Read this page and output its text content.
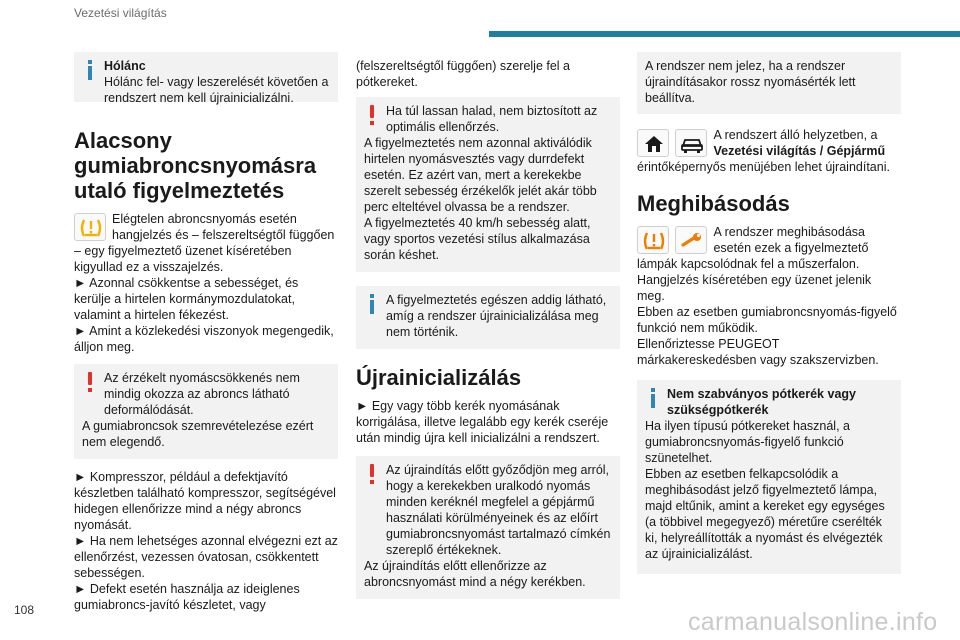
Vezetési világítás
Hólánc
Hólánc fel- vagy leszerelését követően a rendszert nem kell újrainicializálni.
Alacsony gumiabroncsnyomásra utaló figyelmeztetés
Elégtelen abroncsnyomás esetén hangjelzés és – felszereltségtől függően – egy figyelmeztető üzenet kíséretében kigyullad ez a visszajelzés.
► Azonnal csökkentse a sebességet, és kerülje a hirtelen kormánymozdulatokat, valamint a hirtelen fékezést.
► Amint a közlekedési viszonyok megengedik, álljon meg.
Az érzékelt nyomáscsökkenés nem mindig okozza az abroncs látható deformálódását.
A gumiabroncsok szemrevételezése ezért nem elegendő.
► Kompresszor, például a defektjavító készletben található kompresszor, segítségével hidegen ellenőrizze mind a négy abroncs nyomását.
► Ha nem lehetséges azonnal elvégezni ezt az ellenőrzést, vezessen óvatosan, csökkentett sebességen.
► Defekt esetén használja az ideiglenes gumiabroncs-javító készletet, vagy
(felszereltségtől függően) szerelje fel a pótkereket.
Ha túl lassan halad, nem biztosított az optimális ellenőrzés.
A figyelmeztetés nem azonnal aktiválódik hirtelen nyomásvesztés vagy durrdefekt esetén. Ez azért van, mert a kerekekbe szerelt sebesség érzékelők jelét akár több perc elteltével olvassa be a rendszer.
A figyelmeztetés 40 km/h sebesség alatt, vagy sportos vezetési stílus alkalmazása során késhet.
A figyelmeztetés egészen addig látható, amíg a rendszer újrainicializálása meg nem történik.
Újrainicializálás
► Egy vagy több kerék nyomásának korrigálása, illetve legalább egy kerék cseréje után mindig újra kell inicializálni a rendszert.
Az újraindítás előtt győződjön meg arról, hogy a kerekekben uralkodó nyomás minden keréknél megfelel a gépjármű használati körülményeinek és az előírt gumiabroncsnyomást tartalmazó címkén szereplő értékeknek.
Az újraindítás előtt ellenőrizze az abroncsnyomást mind a négy kerékben.
A rendszer nem jelez, ha a rendszer újraindításakor rossz nyomásérték lett beállítva.

A rendszert álló helyzetben, a Vezetési világítás / Gépjármű érintőképernyős menüjében lehet újraindítani.
Meghibásodás

A rendszer meghibásodása esetén ezek a figyelmeztető lámpák kapcsolódnak fel a műszerfalon.
Hangjelzés kíséretében egy üzenet jelenik meg.
Ebben az esetben gumiabroncsnyomás-figyelő funkció nem működik.
Ellenőriztesse PEUGEOT márkakereskedésben vagy szakszervizben.
Nem szabványos pótkerék vagy szükségpótkerék
Ha ilyen típusú pótkereket használ, a gumiabroncsnyomás-figyelő funkció szünetelhet.
Ebben az esetben felkapcsolódik a meghibásodást jelző figyelmeztető lámpa, majd eltűnik, amint a kereket egy egységes (a többivel megegyező) méretűre cserélték ki, helyreállították a nyomást és elvégezték az újrainicializálást.
108	carmanualsonline.info
